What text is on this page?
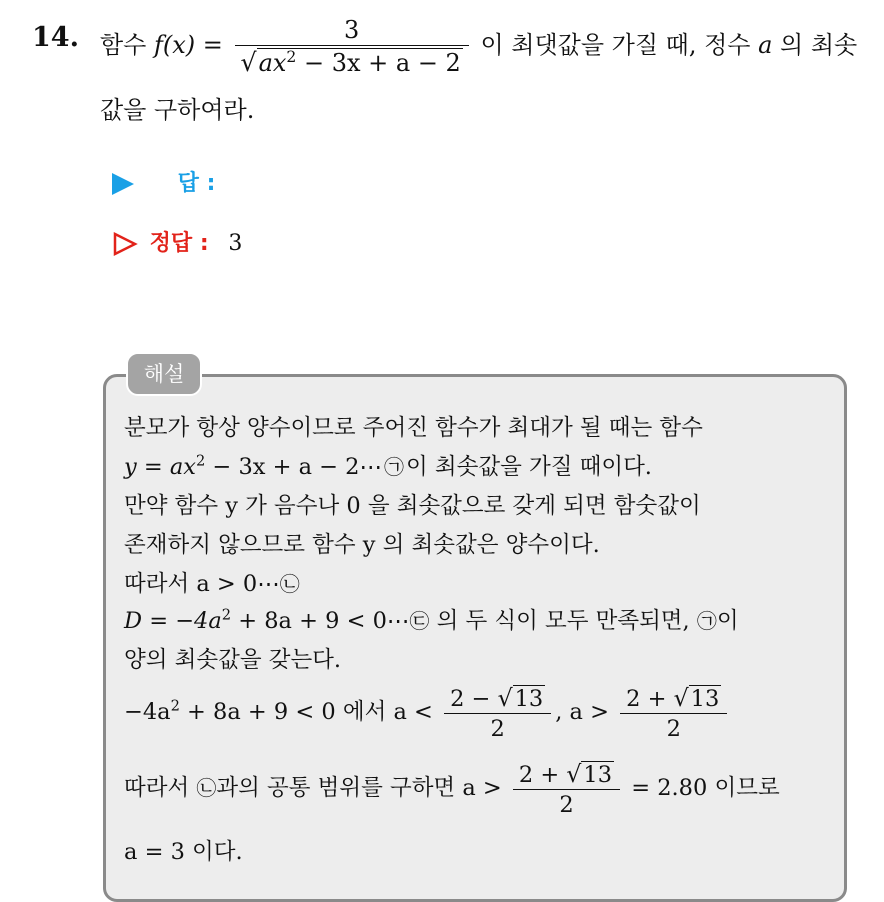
14. 함수 $f(x) = \frac{3}{√ax^2 - 3x + a - 2}$ 이 최댓값을 가질 때, 정수 a 의 최솟
값을 구하여라.
답 :
정답 : 3
해설
분모가 항상 양수이므로 주어진 함수가 최대가 될 때는 함수
$y = ax^2 - 3x + a$ − 2⋯ ㉠이 최솟값을 가질 때이다.
만약 함수 y 가 음수나 0 을 최솟값으로 갖게 되면 함숫값이
존재하지 않으므로 함수 y 의 최솟값은 양수이다.
따라서 a > 0⋯㉡
$D = -4a^2 + 8a + 9$ < 0⋯㉢ 의 두 식이 모두 만족되면, ㉠이
양의 최솟값을 갖는다.
$-4a^2 + 8a + 9 < 0$ 에서 $a < \frac{2 - √13}{2}$ , $a > \frac{2 + √13}{2}$
따라서 ㉡과의 공통 범위를 구하면 $a > \frac{2 + √13}{2} = 2.80$ 이므로
a = 3 이다.
